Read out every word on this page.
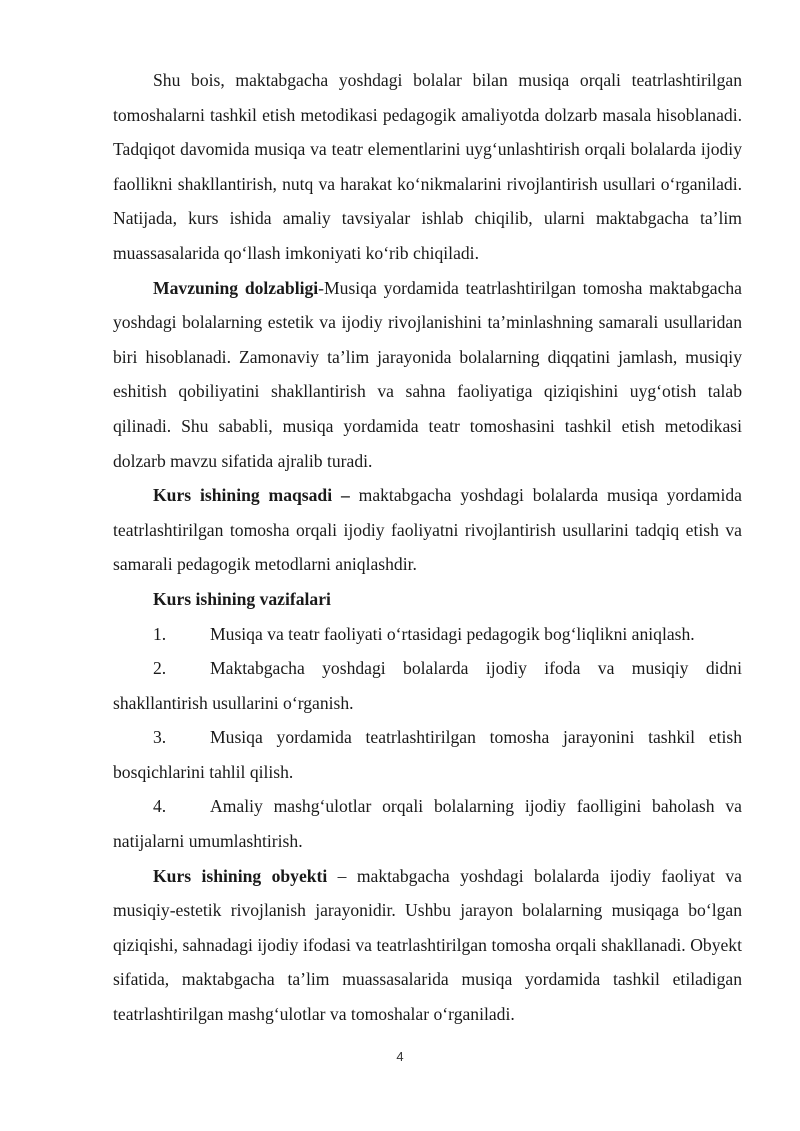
Shu bois, maktabgacha yoshdagi bolalar bilan musiqa orqali teatrlashtirilgan tomoshalarni tashkil etish metodikasi pedagogik amaliyotda dolzarb masala hisoblanadi. Tadqiqot davomida musiqa va teatr elementlarini uyg‘unlashtirish orqali bolalarda ijodiy faollikni shakllantirish, nutq va harakat ko‘nikmalarini rivojlantirish usullari o‘rganiladi. Natijada, kurs ishida amaliy tavsiyalar ishlab chiqilib, ularni maktabgacha ta’lim muassasalarida qo‘llash imkoniyati ko‘rib chiqiladi.

Mavzuning dolzabligi-Musiqa yordamida teatrlashtirilgan tomosha maktabgacha yoshdagi bolalarning estetik va ijodiy rivojlanishini ta’minlashning samarali usullaridan biri hisoblanadi. Zamonaviy ta’lim jarayonida bolalarning diqqatini jamlash, musiqiy eshitish qobiliyatini shakllantirish va sahna faoliyatiga qiziqishini uyg‘otish talab qilinadi. Shu sababli, musiqa yordamida teatr tomoshasini tashkil etish metodikasi dolzarb mavzu sifatida ajralib turadi.

Kurs ishining maqsadi – maktabgacha yoshdagi bolalarda musiqa yordamida teatrlashtirilgan tomosha orqali ijodiy faoliyatni rivojlantirish usullarini tadqiq etish va samarali pedagogik metodlarni aniqlashdir.

Kurs ishining vazifalari

1. Musiqa va teatr faoliyati o‘rtasidagi pedagogik bog‘liqlikni aniqlash.

2. Maktabgacha yoshdagi bolalarda ijodiy ifoda va musiqiy didni shakllantirish usullarini o‘rganish.

3. Musiqa yordamida teatrlashtirilgan tomosha jarayonini tashkil etish bosqichlarini tahlil qilish.

4. Amaliy mashg‘ulotlar orqali bolalarning ijodiy faolligini baholash va natijalarni umumlashtirish.

Kurs ishining obyekti – maktabgacha yoshdagi bolalarda ijodiy faoliyat va musiqiy-estetik rivojlanish jarayonidir. Ushbu jarayon bolalarning musiqaga bo‘lgan qiziqishi, sahnadagi ijodiy ifodasi va teatrlashtirilgan tomosha orqali shakllanadi. Obyekt sifatida, maktabgacha ta’lim muassasalarida musiqa yordamida tashkil etiladigan teatrlashtirilgan mashg‘ulotlar va tomoshalar o‘rganiladi.

4
